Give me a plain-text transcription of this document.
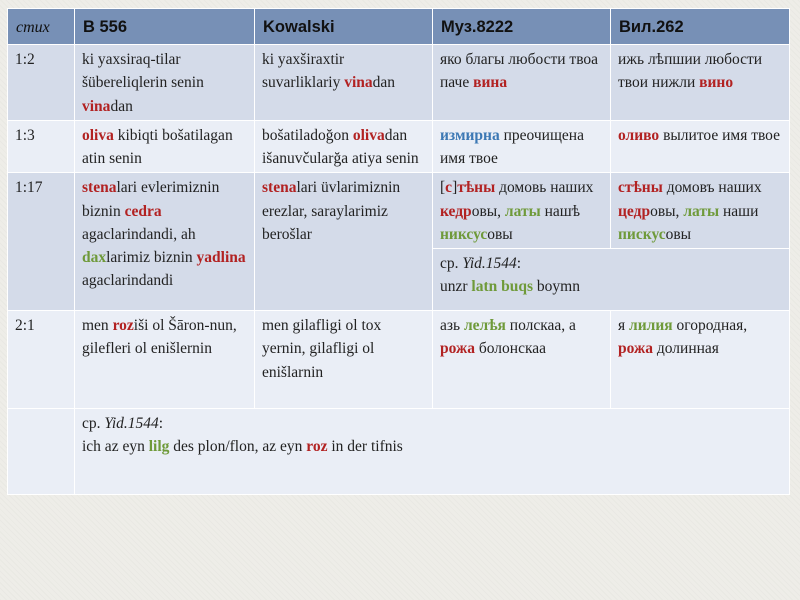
стих	B 556	Kowalski	Муз.8222	Вил.262
1:2	ki yaxsiraq-tilar šübereliqlerin senin vinadan	ki yaxširaxtir suvarliklariy vinadan	яко благы любости твоа паче вина	ижь лѣпшии любости твои нижли вино
1:3	oliva kibiqti bošatilagan atin senin	bošatiladoğon olivadan išanuvčularğa atiya senin	измирна преочищена имя твое	оливо вылитое имя твое
1:17	stenalari evlerimiznin biznin cedra agaclarindandi, ah daxlarimiz biznin yadlina agaclarindandi	stenalari üvlarimiznin erezlar, saraylarimiz berošlar	[с]тѣны домовь наших кедровы, латы нашѣ никсусовы	стѣны домовъ наших цедровы, латы наши пискусовы
			ср. Yid.1544:
unzr latn buqs boymn	
2:1	men roziši ol Šāron-nun, gilefleri ol enišlernin	men gilafligi ol tox yernin, gilafligi ol enišlarnin	азь лелѣя полскаа, а рожа болонскаа	я лилия огородная, рожа долинная
	ср. Yid.1544:
ich az eyn lilg des plon/flon, az eyn roz in der tifnis			
